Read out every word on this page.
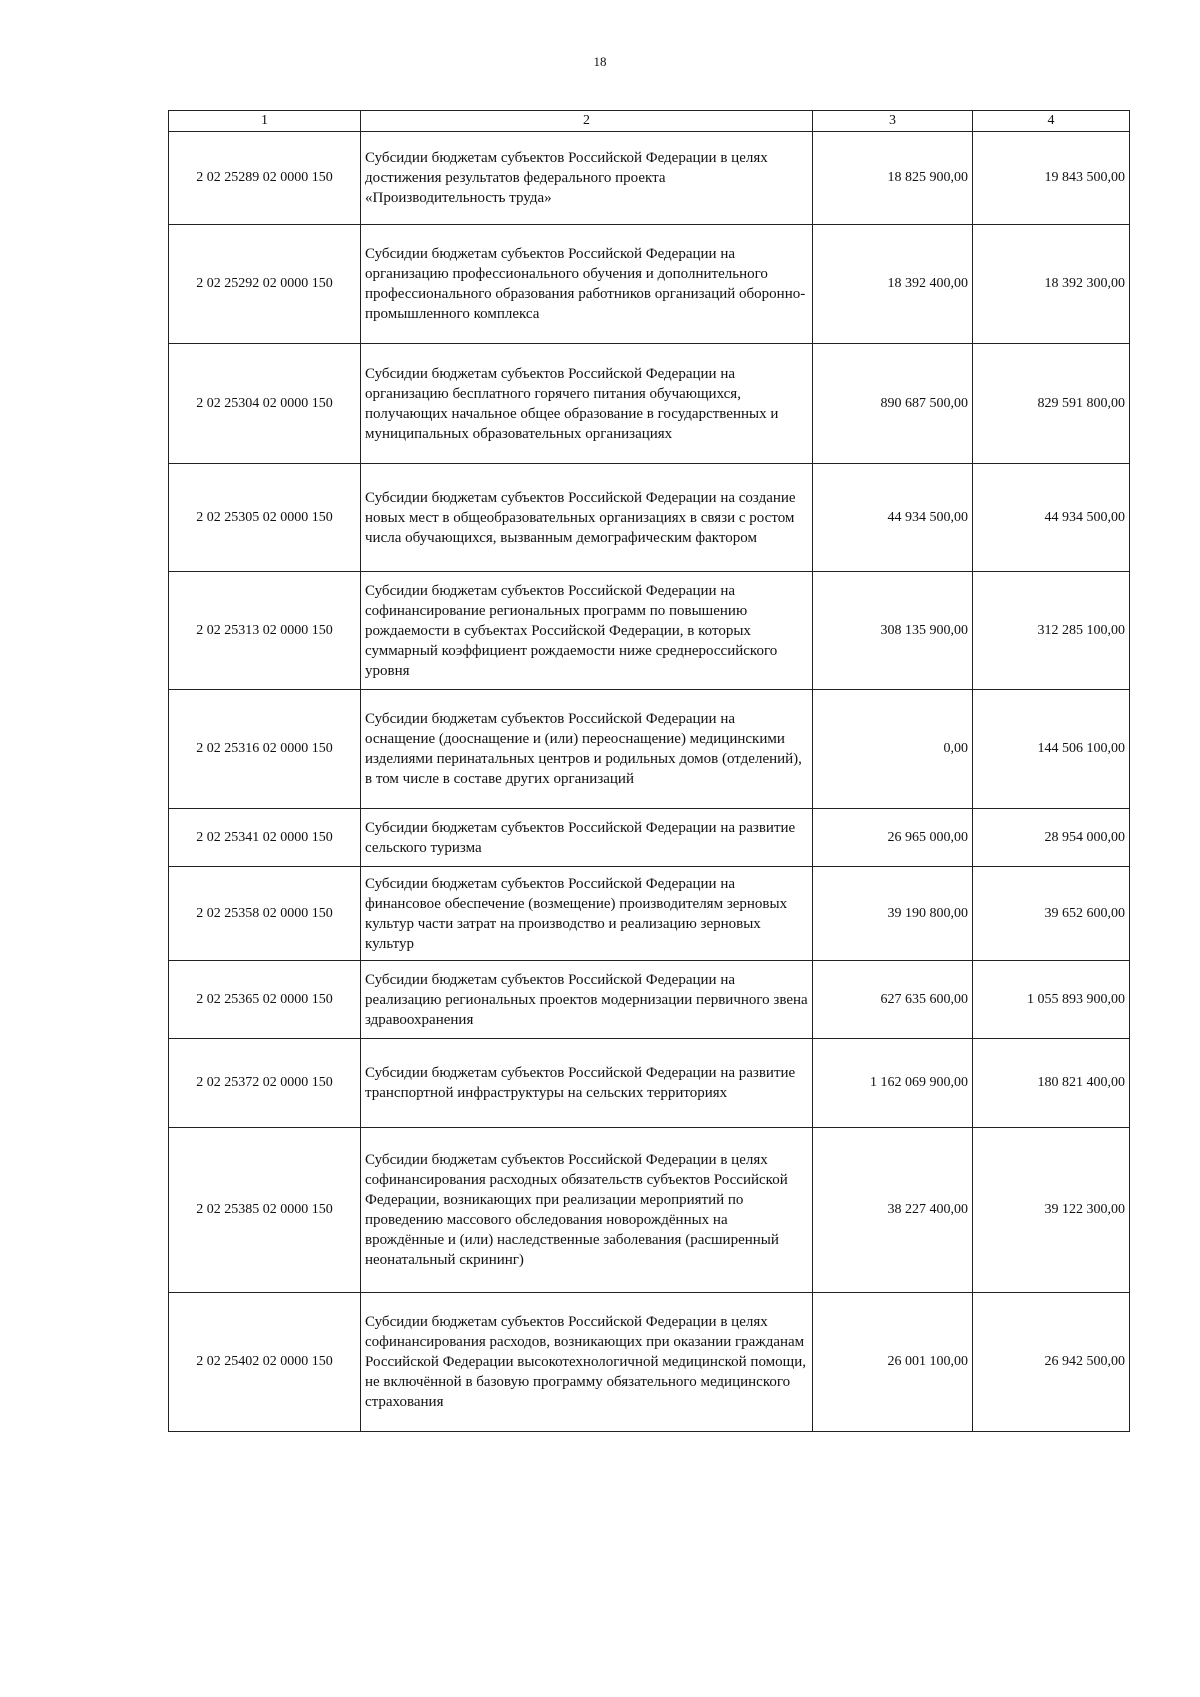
18
1	2	3	4
2 02 25289 02 0000 150	Субсидии бюджетам субъектов Российской Федерации в целях достижения результатов федерального проекта «Производительность труда»	18 825 900,00	19 843 500,00
2 02 25292 02 0000 150	Субсидии бюджетам субъектов Российской Федерации на организацию профессионального обучения и дополнительного профессионального образования работников организаций оборонно-промышленного комплекса	18 392 400,00	18 392 300,00
2 02 25304 02 0000 150	Субсидии бюджетам субъектов Российской Федерации на организацию бесплатного горячего питания обучающихся, получающих начальное общее образование в государственных и муниципальных образовательных организациях	890 687 500,00	829 591 800,00
2 02 25305 02 0000 150	Субсидии бюджетам субъектов Российской Федерации на создание новых мест в общеобразовательных организациях в связи с ростом числа обучающихся, вызванным демографическим фактором	44 934 500,00	44 934 500,00
2 02 25313 02 0000 150	Субсидии бюджетам субъектов Российской Федерации на софинансирование региональных программ по повышению рождаемости в субъектах Российской Федерации, в которых суммарный коэффициент рождаемости ниже среднероссийского уровня	308 135 900,00	312 285 100,00
2 02 25316 02 0000 150	Субсидии бюджетам субъектов Российской Федерации на оснащение (дооснащение и (или) переоснащение) медицинскими изделиями перинатальных центров и родильных домов (отделений), в том числе в составе других организаций	0,00	144 506 100,00
2 02 25341 02 0000 150	Субсидии бюджетам субъектов Российской Федерации на развитие сельского туризма	26 965 000,00	28 954 000,00
2 02 25358 02 0000 150	Субсидии бюджетам субъектов Российской Федерации на финансовое обеспечение (возмещение) производителям зерновых культур части затрат на производство и реализацию зерновых культур	39 190 800,00	39 652 600,00
2 02 25365 02 0000 150	Субсидии бюджетам субъектов Российской Федерации на реализацию региональных проектов модернизации первичного звена здравоохранения	627 635 600,00	1 055 893 900,00
2 02 25372 02 0000 150	Субсидии бюджетам субъектов Российской Федерации на развитие транспортной инфраструктуры на сельских территориях	1 162 069 900,00	180 821 400,00
2 02 25385 02 0000 150	Субсидии бюджетам субъектов Российской Федерации в целях софинансирования расходных обязательств субъектов Российской Федерации, возникающих при реализации мероприятий по проведению массового обследования новорождённых на врождённые и (или) наследственные заболевания (расширенный неонатальный скрининг)	38 227 400,00	39 122 300,00
2 02 25402 02 0000 150	Субсидии бюджетам субъектов Российской Федерации в целях софинансирования расходов, возникающих при оказании гражданам Российской Федерации высокотехнологичной медицинской помощи, не включённой в базовую программу обязательного медицинского страхования	26 001 100,00	26 942 500,00
